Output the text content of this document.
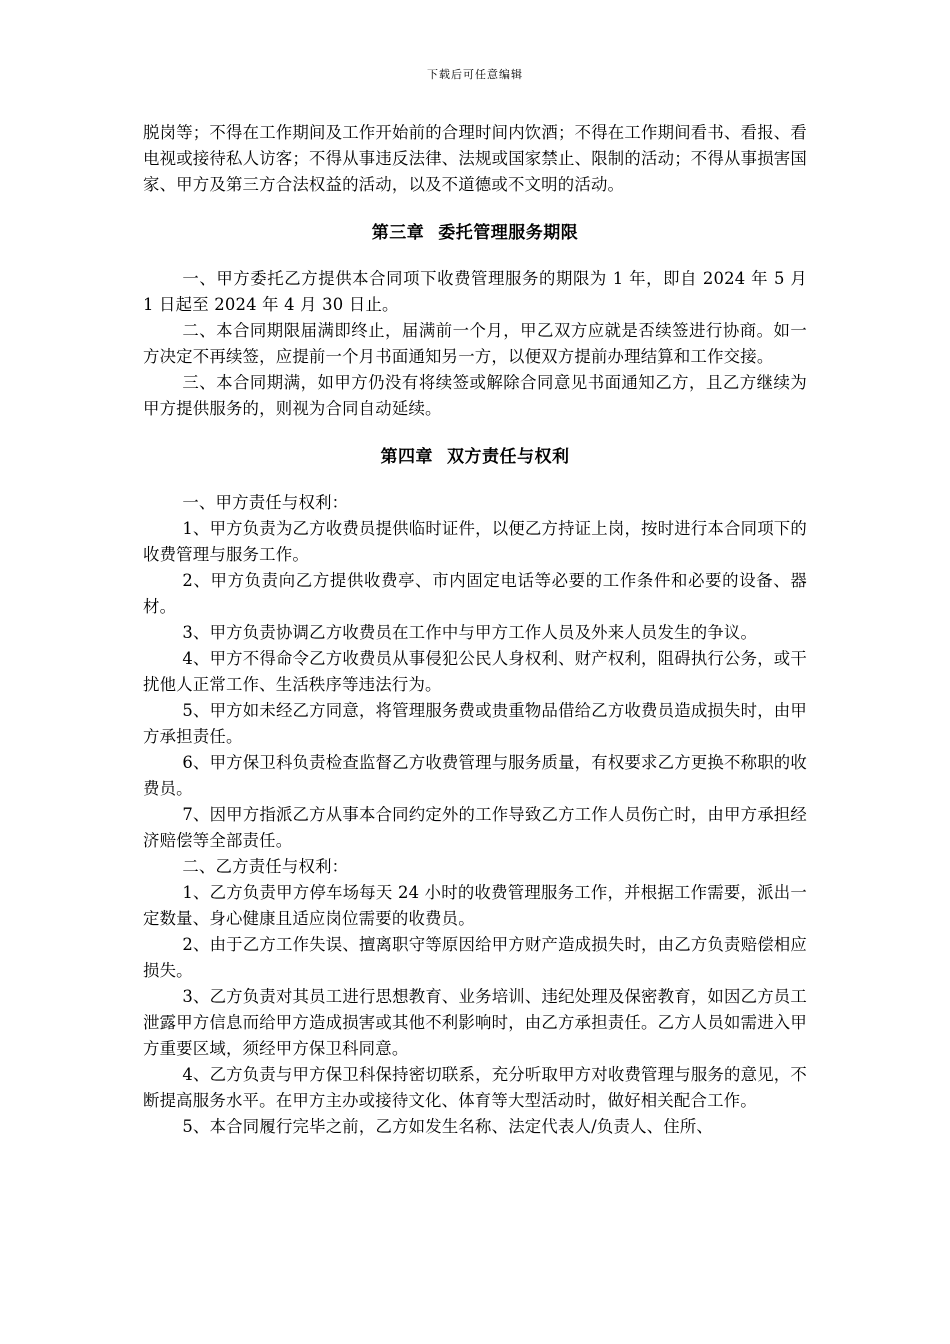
下载后可任意编辑

脱岗等；不得在工作期间及工作开始前的合理时间内饮酒；不得在工作期间看书、看报、看电视或接待私人访客；不得从事违反法律、法规或国家禁止、限制的活动；不得从事损害国家、甲方及第三方合法权益的活动，以及不道德或不文明的活动。

第三章 委托管理服务期限

一、甲方委托乙方提供本合同项下收费管理服务的期限为 1 年，即自 2024 年 5 月 1 日起至 2024 年 4 月 30 日止。

二、本合同期限届满即终止，届满前一个月，甲乙双方应就是否续签进行协商。如一方决定不再续签，应提前一个月书面通知另一方，以便双方提前办理结算和工作交接。

三、本合同期满，如甲方仍没有将续签或解除合同意见书面通知乙方，且乙方继续为甲方提供服务的，则视为合同自动延续。

第四章 双方责任与权利

一、甲方责任与权利：

1、甲方负责为乙方收费员提供临时证件，以便乙方持证上岗，按时进行本合同项下的收费管理与服务工作。

2、甲方负责向乙方提供收费亭、市内固定电话等必要的工作条件和必要的设备、器材。

3、甲方负责协调乙方收费员在工作中与甲方工作人员及外来人员发生的争议。

4、甲方不得命令乙方收费员从事侵犯公民人身权利、财产权利，阻碍执行公务，或干扰他人正常工作、生活秩序等违法行为。

5、甲方如未经乙方同意，将管理服务费或贵重物品借给乙方收费员造成损失时，由甲方承担责任。

6、甲方保卫科负责检查监督乙方收费管理与服务质量，有权要求乙方更换不称职的收费员。

7、因甲方指派乙方从事本合同约定外的工作导致乙方工作人员伤亡时，由甲方承担经济赔偿等全部责任。

二、乙方责任与权利：

1、乙方负责甲方停车场每天 24 小时的收费管理服务工作，并根据工作需要，派出一定数量、身心健康且适应岗位需要的收费员。

2、由于乙方工作失误、擅离职守等原因给甲方财产造成损失时，由乙方负责赔偿相应损失。

3、乙方负责对其员工进行思想教育、业务培训、违纪处理及保密教育，如因乙方员工泄露甲方信息而给甲方造成损害或其他不利影响时，由乙方承担责任。乙方人员如需进入甲方重要区域，须经甲方保卫科同意。

4、乙方负责与甲方保卫科保持密切联系，充分听取甲方对收费管理与服务的意见，不断提高服务水平。在甲方主办或接待文化、体育等大型活动时，做好相关配合工作。

5、本合同履行完毕之前，乙方如发生名称、法定代表人/负责人、住所、
